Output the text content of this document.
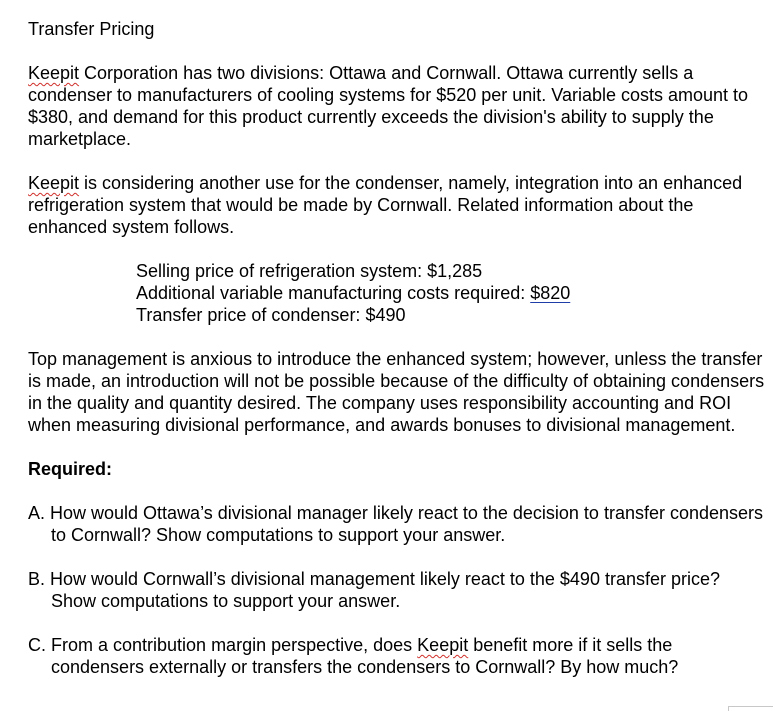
Transfer Pricing
Keepit Corporation has two divisions: Ottawa and Cornwall. Ottawa currently sells a condenser to manufacturers of cooling systems for $520 per unit. Variable costs amount to $380, and demand for this product currently exceeds the division's ability to supply the marketplace.
Keepit is considering another use for the condenser, namely, integration into an enhanced refrigeration system that would be made by Cornwall. Related information about the enhanced system follows.
Selling price of refrigeration system: $1,285
Additional variable manufacturing costs required: $820
Transfer price of condenser: $490
Top management is anxious to introduce the enhanced system; however, unless the transfer is made, an introduction will not be possible because of the difficulty of obtaining condensers in the quality and quantity desired. The company uses responsibility accounting and ROI when measuring divisional performance, and awards bonuses to divisional management.
Required:
A. How would Ottawa’s divisional manager likely react to the decision to transfer condensers to Cornwall? Show computations to support your answer.
B. How would Cornwall’s divisional management likely react to the $490 transfer price? Show computations to support your answer.
C. From a contribution margin perspective, does Keepit benefit more if it sells the condensers externally or transfers the condensers to Cornwall? By how much?
